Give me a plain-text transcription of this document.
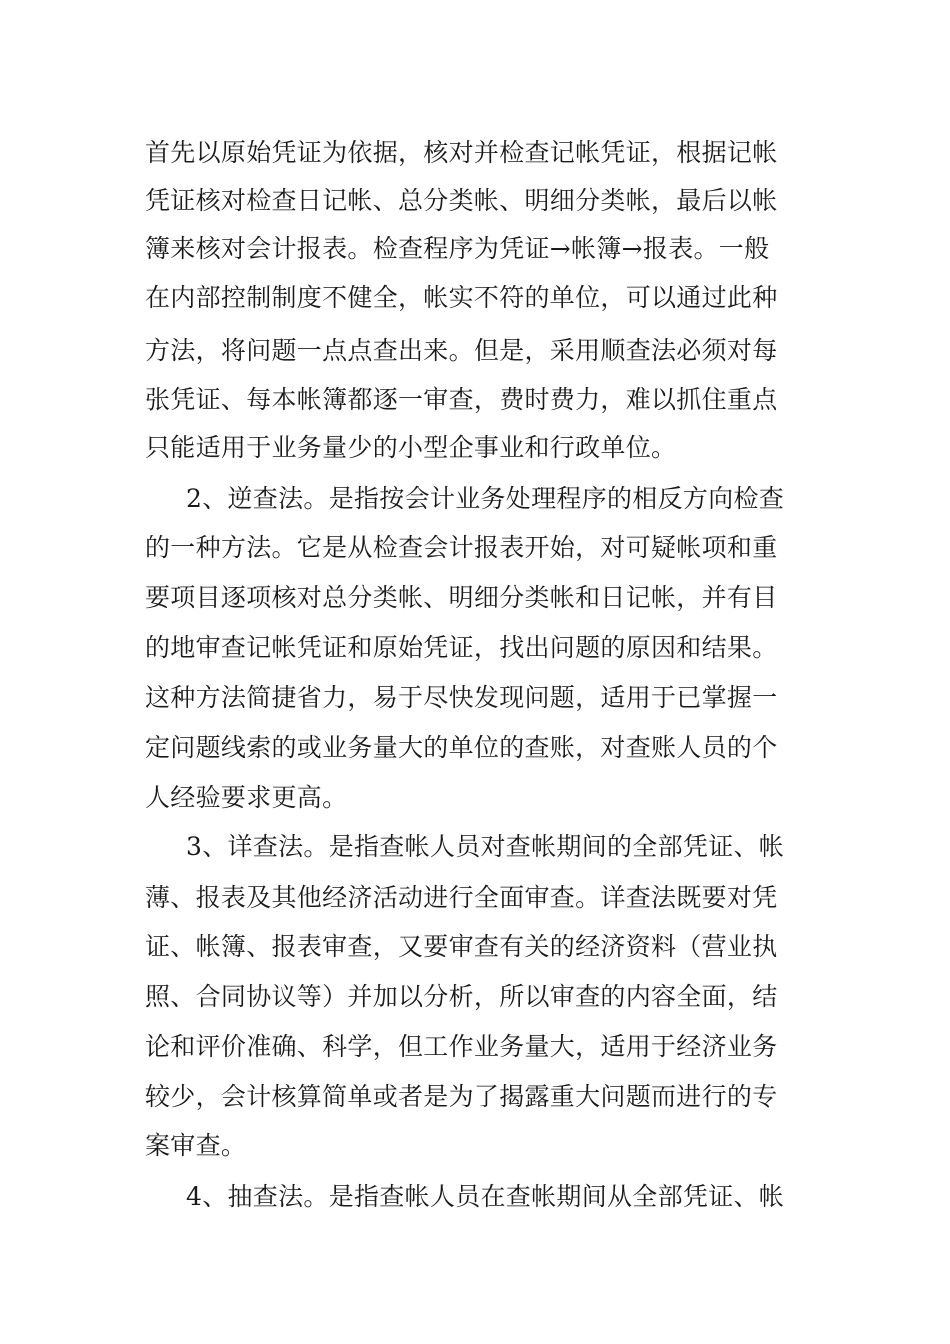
首先以原始凭证为依据，核对并检查记帐凭证，根据记帐
凭证核对检查日记帐、总分类帐、明细分类帐，最后以帐
簿来核对会计报表。检查程序为凭证→帐簿→报表。一般
在内部控制制度不健全，帐实不符的单位，可以通过此种
方法，将问题一点点查出来。但是，采用顺查法必须对每
张凭证、每本帐簿都逐一审查，费时费力，难以抓住重点
只能适用于业务量少的小型企事业和行政单位。
2、逆查法。是指按会计业务处理程序的相反方向检查
的一种方法。它是从检查会计报表开始，对可疑帐项和重
要项目逐项核对总分类帐、明细分类帐和日记帐，并有目
的地审查记帐凭证和原始凭证，找出问题的原因和结果。
这种方法简捷省力，易于尽快发现问题，适用于已掌握一
定问题线索的或业务量大的单位的查账，对查账人员的个
人经验要求更高。
3、详查法。是指查帐人员对查帐期间的全部凭证、帐
薄、报表及其他经济活动进行全面审查。详查法既要对凭
证、帐簿、报表审查，又要审查有关的经济资料（营业执
照、合同协议等）并加以分析，所以审查的内容全面，结
论和评价准确、科学，但工作业务量大，适用于经济业务
较少，会计核算简单或者是为了揭露重大问题而进行的专
案审查。
4、抽查法。是指查帐人员在查帐期间从全部凭证、帐
